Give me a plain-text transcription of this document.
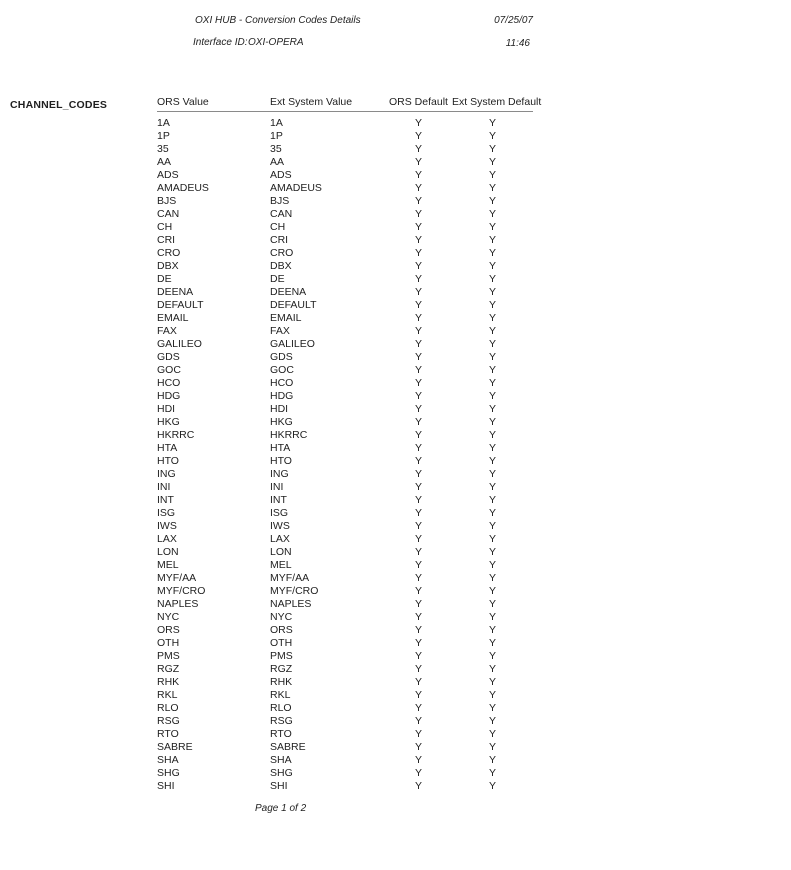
OXI HUB - Conversion Codes Details	07/25/07
Interface ID: OXI-OPERA	11:46
CHANNEL_CODES	ORS Value	Ext System Value	ORS Default	Ext System Default
1A	1A	Y	Y
1P	1P	Y	Y
35	35	Y	Y
AA	AA	Y	Y
ADS	ADS	Y	Y
AMADEUS	AMADEUS	Y	Y
BJS	BJS	Y	Y
CAN	CAN	Y	Y
CH	CH	Y	Y
CRI	CRI	Y	Y
CRO	CRO	Y	Y
DBX	DBX	Y	Y
DE	DE	Y	Y
DEENA	DEENA	Y	Y
DEFAULT	DEFAULT	Y	Y
EMAIL	EMAIL	Y	Y
FAX	FAX	Y	Y
GALILEO	GALILEO	Y	Y
GDS	GDS	Y	Y
GOC	GOC	Y	Y
HCO	HCO	Y	Y
HDG	HDG	Y	Y
HDI	HDI	Y	Y
HKG	HKG	Y	Y
HKRRC	HKRRC	Y	Y
HTA	HTA	Y	Y
HTO	HTO	Y	Y
ING	ING	Y	Y
INI	INI	Y	Y
INT	INT	Y	Y
ISG	ISG	Y	Y
IWS	IWS	Y	Y
LAX	LAX	Y	Y
LON	LON	Y	Y
MEL	MEL	Y	Y
MYF/AA	MYF/AA	Y	Y
MYF/CRO	MYF/CRO	Y	Y
NAPLES	NAPLES	Y	Y
NYC	NYC	Y	Y
ORS	ORS	Y	Y
OTH	OTH	Y	Y
PMS	PMS	Y	Y
RGZ	RGZ	Y	Y
RHK	RHK	Y	Y
RKL	RKL	Y	Y
RLO	RLO	Y	Y
RSG	RSG	Y	Y
RTO	RTO	Y	Y
SABRE	SABRE	Y	Y
SHA	SHA	Y	Y
SHG	SHG	Y	Y
SHI	SHI	Y	Y
Page 1 of 2
